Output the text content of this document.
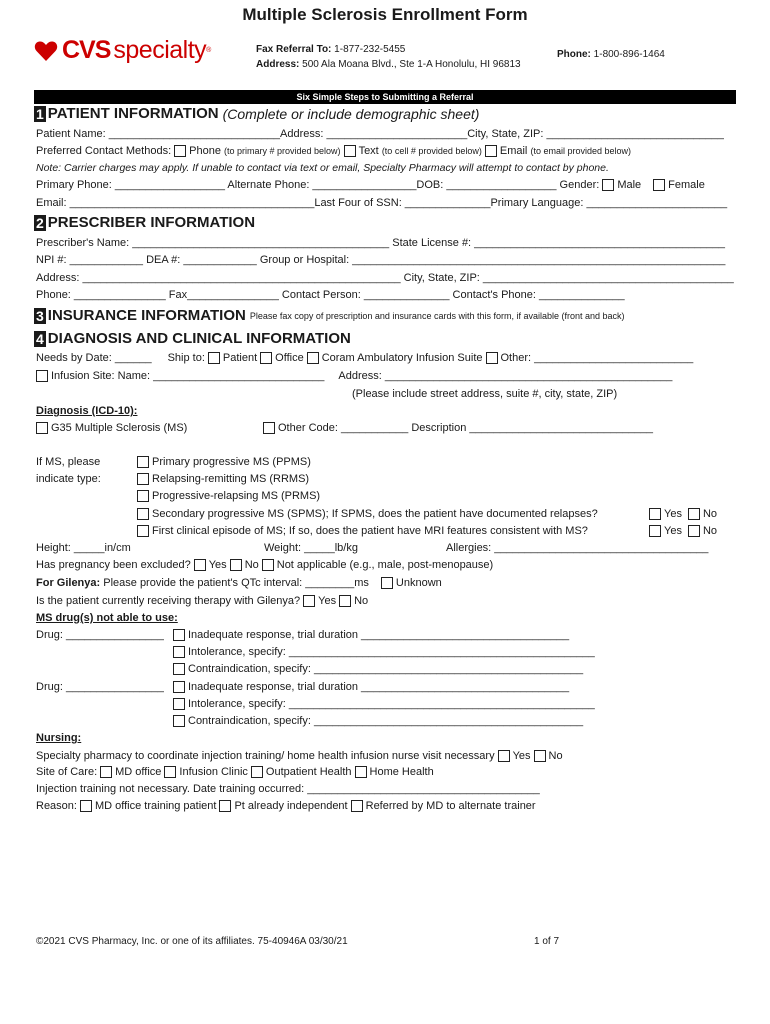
Multiple Sclerosis Enrollment Form
CVS specialty ®	Fax Referral To: 1-877-232-5455
Address: 500 Ala Moana Blvd., Ste 1-A Honolulu, HI 96813
Phone: 1-800-896-1464
Six Simple Steps to Submitting a Referral
1 PATIENT INFORMATION (Complete or include demographic sheet)
Patient Name: ____________________________Address: _______________________City, State, ZIP: _____________________________
Preferred Contact Methods: Phone
(to primary # provided below) Text
(to cell # provided below) Email
(to email provided below)
Note: Carrier charges may apply. If unable to contact via text or email, Specialty Pharmacy will attempt to contact by phone.
Primary Phone: __________________ Alternate Phone: _________________DOB: __________________ Gender: Male Female
Email: ________________________________________Last Four of SSN: ______________Primary Language: _______________________
2 PRESCRIBER INFORMATION
Prescriber's Name: __________________________________________ State License #: _________________________________________
NPI #: ____________ DEA #: ____________ Group or Hospital: _____________________________________________________________
Address: ____________________________________________________ City, State, ZIP: _________________________________________
Phone: _______________ Fax_______________ Contact Person: ______________ Contact's Phone: ______________
3 INSURANCE INFORMATION Please fax copy of prescription and insurance cards with this form, if available (front and back)
4 DIAGNOSIS AND CLINICAL INFORMATION
Needs by Date: ______ Ship to: Patient Office Coram Ambulatory Infusion Suite Other: __________________________
Infusion Site: Name: ____________________________ Address: _______________________________________________
(Please include street address, suite #, city, state, ZIP)
Diagnosis (ICD-10):
G35 Multiple Sclerosis (MS)	Other Code: ___________ Description ______________________________
If MS, please
indicate type:
Primary progressive MS (PPMS)
Relapsing-remitting MS (RRMS)
Progressive-relapsing MS (PRMS)
Secondary progressive MS (SPMS); If SPMS, does the patient have documented relapses?
First clinical episode of MS; If so, does the patient have MRI features consistent with MS?
Yes No
Yes No
Height: _____in/cm	Weight: _____lb/kg	Allergies: ___________________________________
Has pregnancy been excluded? Yes No Not applicable (e.g., male, post-menopause)
For Gilenya:
Please provide the patient's QTc interval: ________ms Unknown
Is the patient currently receiving therapy with Gilenya? Yes No
MS drug(s) not able to use:
Drug: ________________ Inadequate response, trial duration __________________________________
Intolerance, specify: __________________________________________________
Contraindication, specify: ____________________________________________
Drug: ________________ Inadequate response, trial duration __________________________________
Intolerance, specify: __________________________________________________
Contraindication, specify: ____________________________________________
Nursing:
Specialty pharmacy to coordinate injection training/ home health infusion nurse visit necessary Yes No
Site of Care: MD office Infusion Clinic Outpatient Health Home Health
Injection training not necessary. Date training occurred: ______________________________________
Reason: MD office training patient Pt already independent Referred by MD to alternate trainer
©2021 CVS Pharmacy, Inc. or one of its affiliates. 75-40946A 03/30/21	1 of 7
